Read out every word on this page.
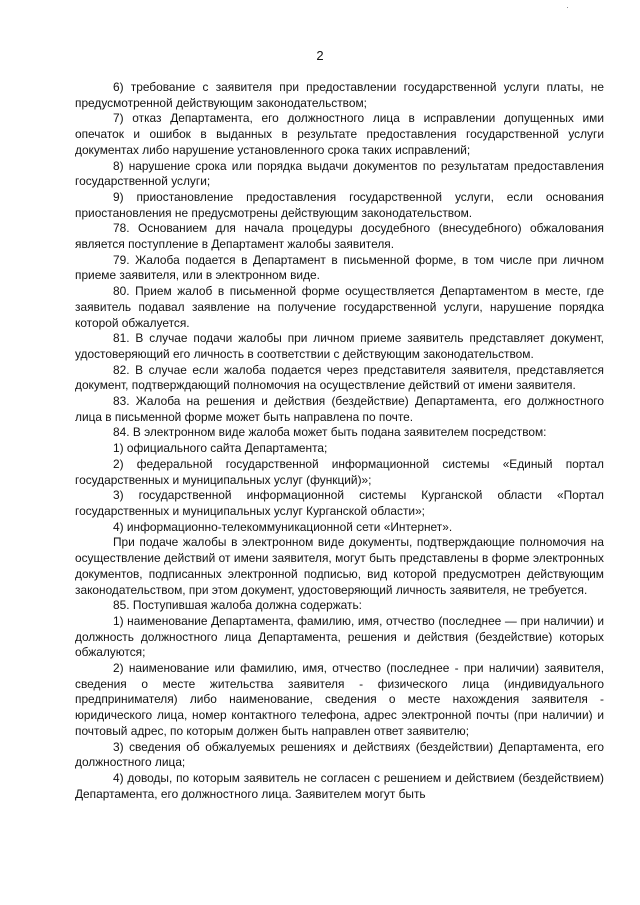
·
2

6) требование с заявителя при предоставлении государственной услуги платы, не предусмотренной действующим законодательством;

7) отказ Департамента, его должностного лица в исправлении допущенных ими опечаток и ошибок в выданных в результате предоставления государственной услуги документах либо нарушение установленного срока таких исправлений;

8) нарушение срока или порядка выдачи документов по результатам предоставления государственной услуги;

9) приостановление предоставления государственной услуги, если основания приостановления не предусмотрены действующим законодательством.

78. Основанием для начала процедуры досудебного (внесудебного) обжалования является поступление в Департамент жалобы заявителя.

79. Жалоба подается в Департамент в письменной форме, в том числе при личном приеме заявителя, или в электронном виде.

80. Прием жалоб в письменной форме осуществляется Департаментом в месте, где заявитель подавал заявление на получение государственной услуги, нарушение порядка которой обжалуется.

81. В случае подачи жалобы при личном приеме заявитель представляет документ, удостоверяющий его личность в соответствии с действующим законодательством.

82. В случае если жалоба подается через представителя заявителя, представляется документ, подтверждающий полномочия на осуществление действий от имени заявителя.

83. Жалоба на решения и действия (бездействие) Департамента, его должностного лица в письменной форме может быть направлена по почте.

84. В электронном виде жалоба может быть подана заявителем посредством:

1) официального сайта Департамента;

2) федеральной государственной информационной системы «Единый портал государственных и муниципальных услуг (функций)»;

3) государственной информационной системы Курганской области «Портал государственных и муниципальных услуг Курганской области»;

4) информационно-телекоммуникационной сети «Интернет».

При подаче жалобы в электронном виде документы, подтверждающие полномочия на осуществление действий от имени заявителя, могут быть представлены в форме электронных документов, подписанных электронной подписью, вид которой предусмотрен действующим законодательством, при этом документ, удостоверяющий личность заявителя, не требуется.

85. Поступившая жалоба должна содержать:

1) наименование Департамента, фамилию, имя, отчество (последнее — при наличии) и должность должностного лица Департамента, решения и действия (бездействие) которых обжалуются;

2) наименование или фамилию, имя, отчество (последнее - при наличии) заявителя, сведения о месте жительства заявителя - физического лица (индивидуального предпринимателя) либо наименование, сведения о месте нахождения заявителя - юридического лица, номер контактного телефона, адрес электронной почты (при наличии) и почтовый адрес, по которым должен быть направлен ответ заявителю;

3) сведения об обжалуемых решениях и действиях (бездействии) Департамента, его должностного лица;

4) доводы, по которым заявитель не согласен с решением и действием (бездействием) Департамента, его должностного лица. Заявителем могут быть
